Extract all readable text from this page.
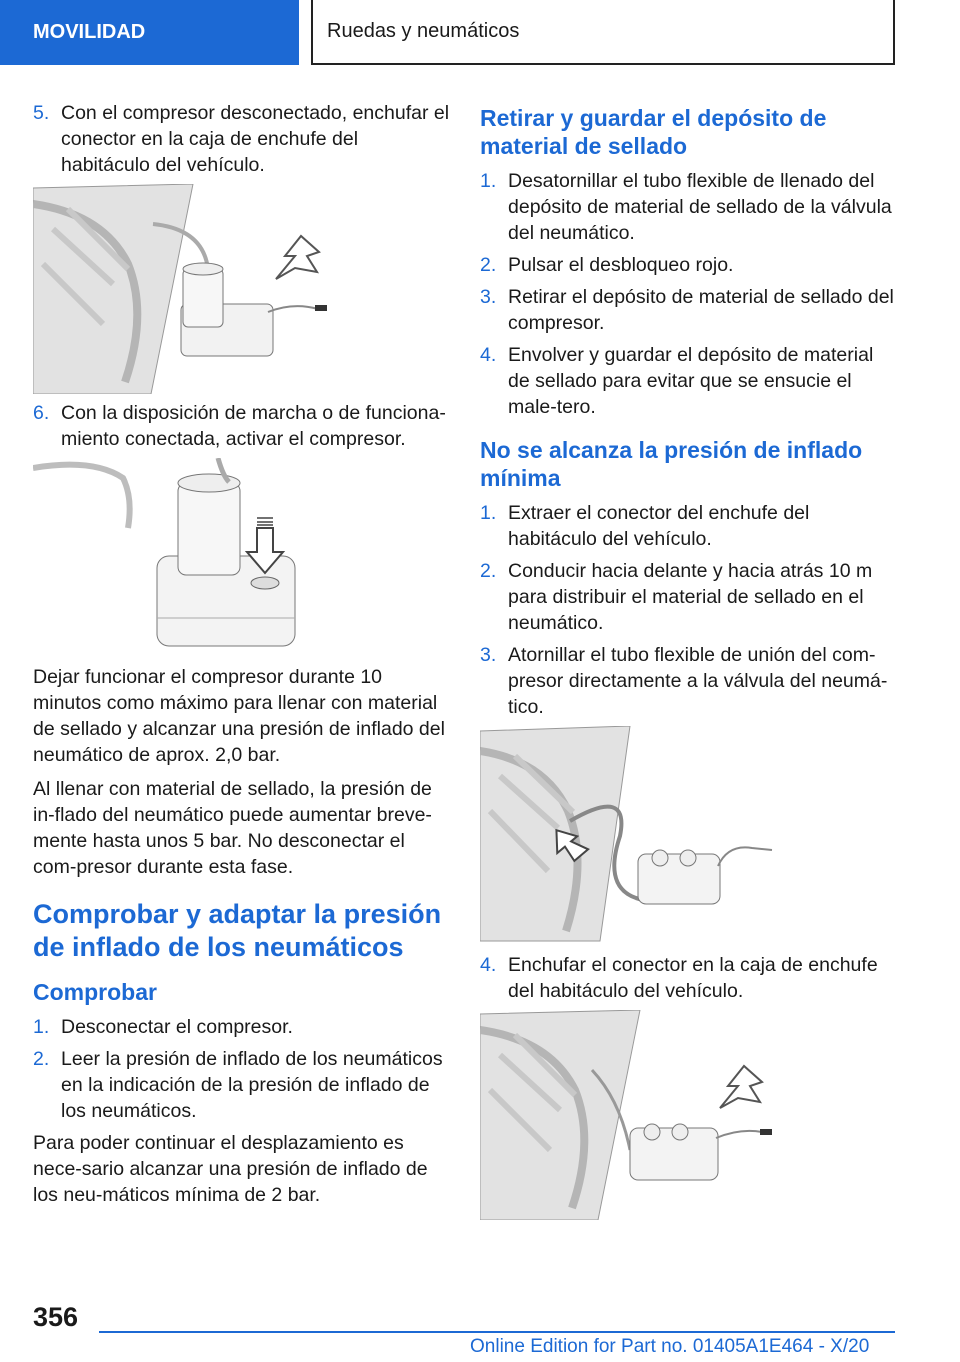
MOVILIDAD	Ruedas y neumáticos
5. Con el compresor desconectado, enchufar el conector en la caja de enchufe del habitáculo del vehículo.
6. Con la disposición de marcha o de funciona-miento conectada, activar el compresor.

Dejar funcionar el compresor durante 10 minutos como máximo para llenar con material de sellado y alcanzar una presión de inflado del neumático de aprox. 2,0 bar.

Al llenar con material de sellado, la presión de in-flado del neumático puede aumentar breve-mente hasta unos 5 bar. No desconectar el com-presor durante esta fase.

Comprobar y adaptar la presión de inflado de los neumáticos
Comprobar
1. Desconectar el compresor.
2. Leer la presión de inflado de los neumáticos en la indicación de la presión de inflado de los neumáticos.

Para poder continuar el desplazamiento es nece-sario alcanzar una presión de inflado de los neu-máticos mínima de 2 bar.

Retirar y guardar el depósito de material de sellado
1. Desatornillar el tubo flexible de llenado del depósito de material de sellado de la válvula del neumático.
2. Pulsar el desbloqueo rojo.
3. Retirar el depósito de material de sellado del compresor.
4. Envolver y guardar el depósito de material de sellado para evitar que se ensucie el male-tero.
No se alcanza la presión de inflado mínima
1. Extraer el conector del enchufe del habitáculo del vehículo.
2. Conducir hacia delante y hacia atrás 10 m para distribuir el material de sellado en el neumático.
3. Atornillar el tubo flexible de unión del com-presor directamente a la válvula del neumá-tico.
4. Enchufar el conector en la caja de enchufe del habitáculo del vehículo.
356
Online Edition for Part no. 01405A1E464 - X/20
